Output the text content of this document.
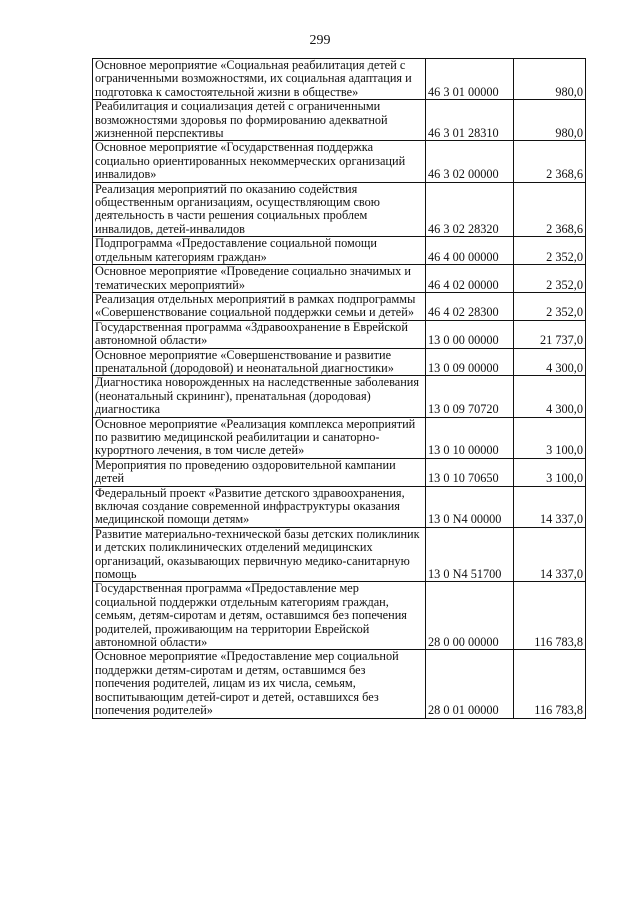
299
Основное мероприятие «Социальная реабилитация детей с ограниченными возможностями, их социальная адаптация и подготовка к самостоятельной жизни в обществе»	46 3 01 00000	980,0
Реабилитация и социализация детей с ограниченными возможностями здоровья по формированию адекватной жизненной перспективы	46 3 01 28310	980,0
Основное мероприятие «Государственная поддержка социально ориентированных некоммерческих организаций инвалидов»	46 3 02 00000	2 368,6
Реализация мероприятий по оказанию содействия общественным организациям, осуществляющим свою деятельность в части решения социальных проблем инвалидов, детей-инвалидов	46 3 02 28320	2 368,6
Подпрограмма «Предоставление социальной помощи отдельным категориям граждан»	46 4 00 00000	2 352,0
Основное мероприятие «Проведение социально значимых и тематических мероприятий»	46 4 02 00000	2 352,0
Реализация отдельных мероприятий в рамках подпрограммы «Совершенствование социальной поддержки семьи и детей»	46 4 02 28300	2 352,0
Государственная программа «Здравоохранение в Еврейской автономной области»	13 0 00 00000	21 737,0
Основное мероприятие «Совершенствование и развитие пренатальной (дородовой) и неонатальной диагностики»	13 0 09 00000	4 300,0
Диагностика новорожденных на наследственные заболевания (неонатальный скрининг), пренатальная (дородовая) диагностика	13 0 09 70720	4 300,0
Основное мероприятие «Реализация комплекса мероприятий по развитию медицинской реабилитации и санаторно-курортного лечения, в том числе детей»	13 0 10 00000	3 100,0
Мероприятия по проведению оздоровительной кампании детей	13 0 10 70650	3 100,0
Федеральный проект «Развитие детского здравоохранения, включая создание современной инфраструктуры оказания медицинской помощи детям»	13 0 N4 00000	14 337,0
Развитие материально-технической базы детских поликлиник и детских поликлинических отделений медицинских организаций, оказывающих первичную медико-санитарную помощь	13 0 N4 51700	14 337,0
Государственная программа «Предоставление мер социальной поддержки отдельным категориям граждан, семьям, детям-сиротам и детям, оставшимся без попечения родителей, проживающим на территории Еврейской автономной области»	28 0 00 00000	116 783,8
Основное мероприятие «Предоставление мер социальной поддержки детям-сиротам и детям, оставшимся без попечения родителей, лицам из их числа, семьям, воспитывающим детей-сирот и детей, оставшихся без попечения родителей»	28 0 01 00000	116 783,8
